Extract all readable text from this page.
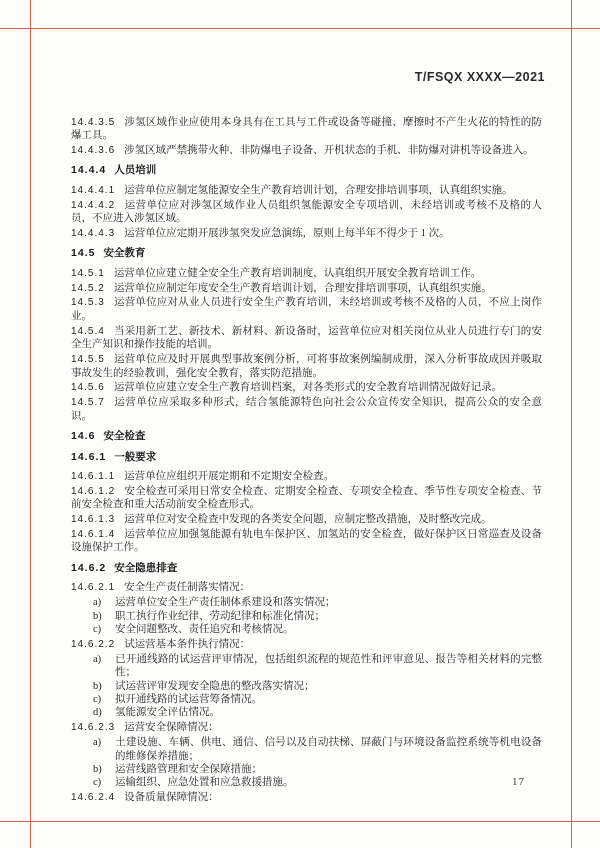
T/FSQX XXXX—2021

14.4.3.5 涉氢区域作业应使用本身具有在工具与工件或设备等碰撞、摩擦时不产生火花的特性的防爆工具。

14.4.3.6 涉氢区域严禁携带火种、非防爆电子设备、开机状态的手机、非防爆对讲机等设备进入。

14.4.4 人员培训

14.4.4.1 运营单位应制定氢能源安全生产教育培训计划，合理安排培训事项，认真组织实施。

14.4.4.2 运营单位应对涉氢区域作业人员组织氢能源安全专项培训，未经培训或考核不及格的人员，不应进入涉氢区域。

14.4.4.3 运营单位应定期开展涉氢突发应急演练，原则上每半年不得少于 1 次。

14.5 安全教育

14.5.1 运营单位应建立健全安全生产教育培训制度，认真组织开展安全教育培训工作。

14.5.2 运营单位应制定年度安全生产教育培训计划，合理安排培训事项，认真组织实施。

14.5.3 运营单位应对从业人员进行安全生产教育培训，未经培训或考核不及格的人员，不应上岗作业。

14.5.4 当采用新工艺、新技术、新材料、新设备时，运营单位应对相关岗位从业人员进行专门的安全生产知识和操作技能的培训。

14.5.5 运营单位应及时开展典型事故案例分析，可将事故案例编制成册，深入分析事故成因并吸取事故发生的经验教训，强化安全教育，落实防范措施。

14.5.6 运营单位应建立安全生产教育培训档案，对各类形式的安全教育培训情况做好记录。

14.5.7 运营单位应采取多种形式，结合氢能源特色向社会公众宣传安全知识，提高公众的安全意识。

14.6 安全检查

14.6.1 一般要求

14.6.1.1 运营单位应组织开展定期和不定期安全检查。

14.6.1.2 安全检查可采用日常安全检查、定期安全检查、专项安全检查、季节性专项安全检查、节前安全检查和重大活动前安全检查形式。

14.6.1.3 运营单位对安全检查中发现的各类安全问题，应制定整改措施，及时整改完成。

14.6.1.4 运营单位应加强氢能源有轨电车保护区、加氢站的安全检查，做好保护区日常巡查及设备设施保护工作。

14.6.2 安全隐患排查

14.6.2.1 安全生产责任制落实情况：

a) 运营单位安全生产责任制体系建设和落实情况；

b) 职工执行作业纪律、劳动纪律和标准化情况；

c) 安全问题整改、责任追究和考核情况。

14.6.2.2 试运营基本条件执行情况：

a) 已开通线路的试运营评审情况，包括组织流程的规范性和评审意见、报告等相关材料的完整性；

b) 试运营评审发现安全隐患的整改落实情况；

c) 拟开通线路的试运营筹备情况。

d) 氢能源安全评估情况。

14.6.2.3 运营安全保障情况：

a) 土建设施、车辆、供电、通信、信号以及自动扶梯、屏蔽门与环境设备监控系统等机电设备的维修保养措施；

b) 运营线路管理和安全保障措施；

c) 运输组织、应急处置和应急救援措施。

14.6.2.4 设备质量保障情况：

17
